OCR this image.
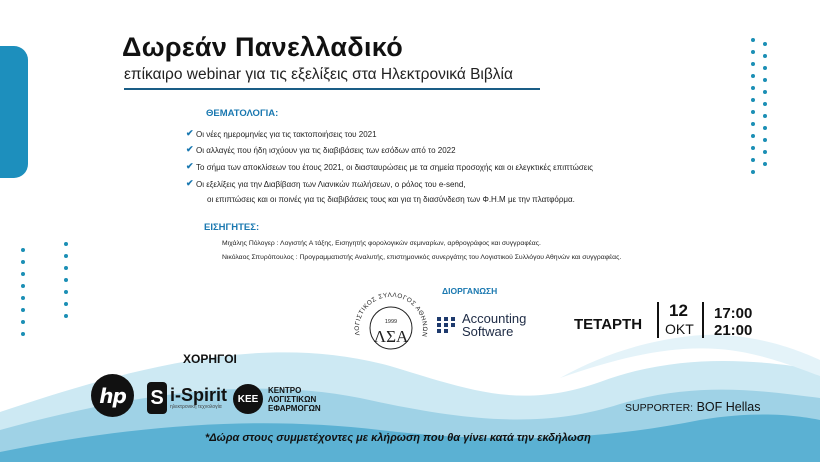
Δωρεάν Πανελλαδικό
επίκαιρο webinar για τις εξελίξεις στα Ηλεκτρονικά Βιβλία
ΘΕΜΑΤΟΛΟΓΙΑ:
✔ Οι νέες ημερομηνίες για τις τακτοποιήσεις του 2021
✔ Οι αλλαγές που ήδη ισχύουν για τις διαβιβάσεις των εσόδων από το 2022
✔ Το σήμα των αποκλίσεων του έτους 2021, οι διασταυρώσεις με τα σημεία προσοχής και οι ελεγκτικές επιπτώσεις
✔ Οι εξελίξεις για την Διαβίβαση των Λιανικών πωλήσεων, ο ρόλος του e-send,
οι επιπτώσεις και οι ποινές για τις διαβιβάσεις τους και για τη διασύνδεση των Φ.Η.Μ με την πλατφόρμα.
ΕΙΣΗΓΗΤΕΣ:
Μιχάλης Πόλογερ : Λογιστής Α τάξης, Εισηγητής φορολογικών σεμιναρίων, αρθρογράφος και συγγραφέας.
Νικόλαος Σπυρόπουλος : Προγραμματιστής Αναλυτής, επιστημονικός συνεργάτης του Λογιστικού Συλλόγου Αθηνών και συγγραφέας.
ΔΙΟΡΓΑΝΩΣΗ
ΛΟΓΙΣΤΙΚΟΣ ΣΥΛΛΟΓΟΣ ΑΘΗΝΩΝ
1999
ΛΣΑ
Accounting
Software	ΤΕΤΑΡΤΗ
12
ΟΚΤ
17:00
21:00
ΧΟΡΗΓΟΙ
hp S i-Spirit
ηλεκτρονική τεχνολογία
ΚΕΕ
ΚΕΝΤΡΟ
ΛΟΓΙΣΤΙΚΩΝ
ΕΦΑΡΜΟΓΩΝ	SUPPORTER: BOF Hellas
*Δώρα στους συμμετέχοντες με κλήρωση που θα γίνει κατά την εκδήλωση
